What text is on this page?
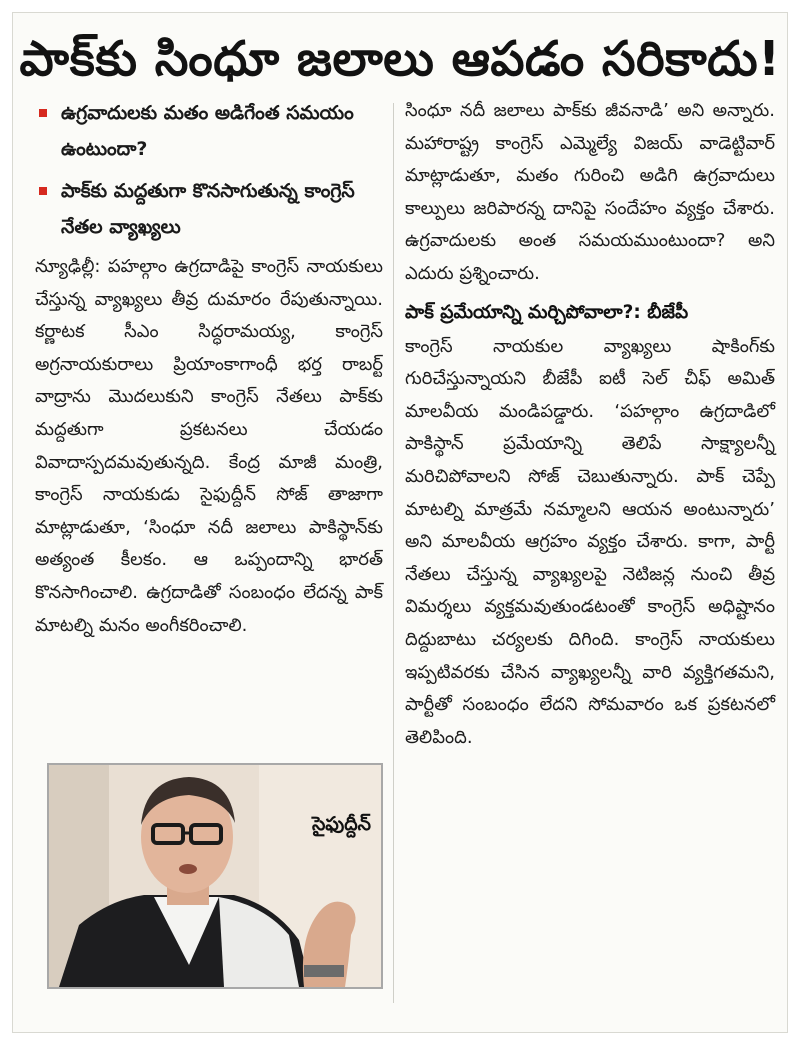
పాక్‌కు సింధూ జలాలు ఆపడం సరికాదు!
ఉగ్రవాదులకు మతం అడిగేంత సమయం ఉంటుందా?
పాక్‌కు మద్దతుగా కొనసాగుతున్న కాంగ్రెస్‌ నేతల వ్యాఖ్యలు

న్యూఢిల్లీ: పహల్గాం ఉగ్రదాడిపై కాంగ్రెస్‌ నాయకులు చేస్తున్న వ్యాఖ్యలు తీవ్ర దుమారం రేపుతున్నాయి. కర్ణాటక సీఎం సిద్ధరామయ్య, కాంగ్రెస్‌ అగ్రనాయకురాలు ప్రియాంకాగాంధీ భర్త రాబర్ట్‌ వాద్రాను మొదలుకుని కాంగ్రెస్‌ నేతలు పాక్‌కు మద్దతుగా ప్రకటనలు చేయడం వివాదాస్పదమవుతున్నది. కేంద్ర మాజీ మంత్రి, కాంగ్రెస్‌ నాయకుడు సైఫుద్దీన్‌ సోజ్‌ తాజాగా మాట్లాడుతూ, ‘సింధూ నదీ జలాలు పాకిస్థాన్‌కు అత్యంత కీలకం. ఆ ఒప్పందాన్ని భారత్‌ కొనసాగించాలి. ఉగ్రదాడితో సంబంధం లేదన్న పాక్‌ మాటల్ని మనం అంగీకరించాలి.

సైఫుద్దీన్‌

సింధూ నదీ జలాలు పాక్‌కు జీవనాడి’ అని అన్నారు. మహారాష్ట్ర కాంగ్రెస్‌ ఎమ్మెల్యే విజయ్‌ వాడెట్టివార్‌ మాట్లాడుతూ, మతం గురించి అడిగి ఉగ్రవాదులు కాల్పులు జరిపారన్న దానిపై సందేహం వ్యక్తం చేశారు. ఉగ్రవాదులకు అంత సమయముంటుందా? అని ఎదురు ప్రశ్నించారు.

పాక్‌ ప్రమేయాన్ని మర్చిపోవాలా?: బీజేపీ

కాంగ్రెస్‌ నాయకుల వ్యాఖ్యలు షాకింగ్‌కు గురిచేస్తున్నాయని బీజేపీ ఐటీ సెల్‌ చీఫ్‌ అమిత్‌ మాలవీయ మండిపడ్డారు. ‘పహల్గాం ఉగ్రదాడిలో పాకిస్థాన్‌ ప్రమేయాన్ని తెలిపే సాక్ష్యాలన్నీ మరిచిపోవాలని సోజ్‌ చెబుతున్నారు. పాక్‌ చెప్పే మాటల్ని మాత్రమే నమ్మాలని ఆయన అంటున్నారు’ అని మాలవీయ ఆగ్రహం వ్యక్తం చేశారు. కాగా, పార్టీ నేతలు చేస్తున్న వ్యాఖ్యలపై నెటిజన్ల నుంచి తీవ్ర విమర్శలు వ్యక్తమవుతుండటంతో కాంగ్రెస్‌ అధిష్టానం దిద్దుబాటు చర్యలకు దిగింది. కాంగ్రెస్‌ నాయకులు ఇప్పటివరకు చేసిన వ్యాఖ్యలన్నీ వారి వ్యక్తిగతమని, పార్టీతో సంబంధం లేదని సోమవారం ఒక ప్రకటనలో తెలిపింది.
